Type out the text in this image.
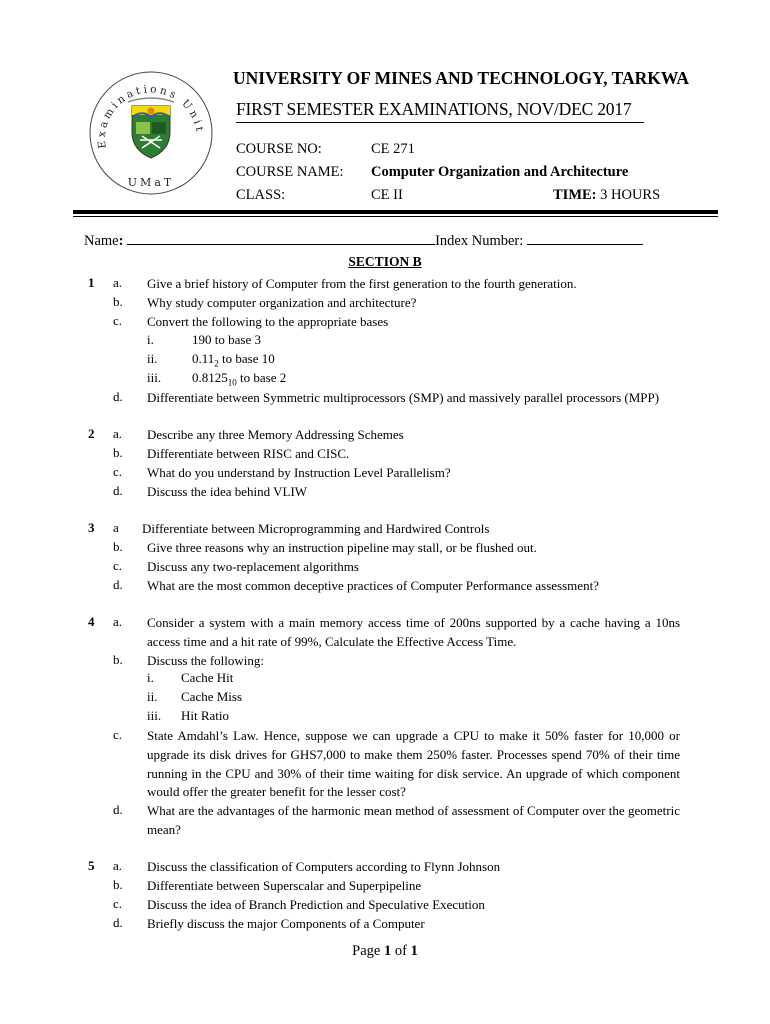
Examinations Unit
UMaT
UNIVERSITY OF MINES AND TECHNOLOGY, TARKWA
FIRST SEMESTER EXAMINATIONS, NOV/DEC 2017
COURSE NO:	CE 271
COURSE NAME: Computer Organization and Architecture
CLASS:	CE II	TIME: 3 HOURS
Name:	Index Number:
SECTION B
1 a. Give a brief history of Computer from the first generation to the fourth generation.
b. Why study computer organization and architecture?
c. Convert the following to the appropriate bases
i.	190 to base 3
ii.	$0.11_2$ to base 10
iii. $0.8125_{10}$ to base 2
d. Differentiate between Symmetric multiprocessors (SMP) and massively parallel processors (MPP)
2 a. Describe any three Memory Addressing Schemes
b. Differentiate between RISC and CISC.
c. What do you understand by Instruction Level Parallelism?
d. Discuss the idea behind VLIW
3 a Differentiate between Microprogramming and Hardwired Controls
b. Give three reasons why an instruction pipeline may stall, or be flushed out.
c. Discuss any two-replacement algorithms
d. What are the most common deceptive practices of Computer Performance assessment?
4 a. Consider a system with a main memory access time of 200ns supported by a cache having a 10ns access time and a hit rate of 99%, Calculate the Effective Access Time.
b. Discuss the following:
i. Cache Hit
ii. Cache Miss
iii. Hit Ratio
c. State Amdahl’s Law. Hence, suppose we can upgrade a CPU to make it 50% faster for 10,000 or upgrade its disk drives for GHS7,000 to make them 250% faster. Processes spend 70% of their time running in the CPU and 30% of their time waiting for disk service. An upgrade of which component would offer the greater benefit for the lesser cost?
d. What are the advantages of the harmonic mean method of assessment of Computer over the geometric mean?
5 a. Discuss the classification of Computers according to Flynn Johnson
b. Differentiate between Superscalar and Superpipeline
c. Discuss the idea of Branch Prediction and Speculative Execution
d. Briefly discuss the major Components of a Computer
Page 1 of 1
